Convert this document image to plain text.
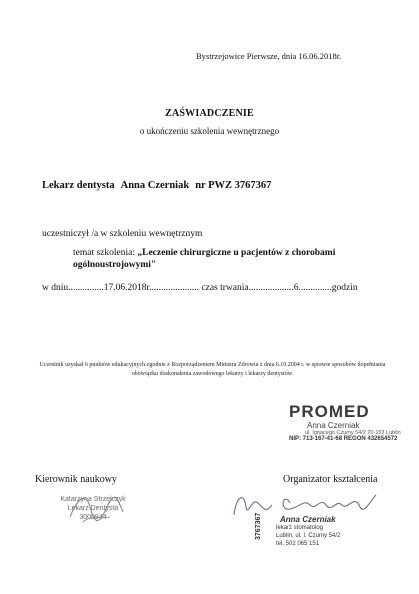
Bystrzejowice Pierwsze, dnia 16.06.2018r.
ZAŚWIADCZENIE
o ukończeniu szkolenia wewnętrznego
Lekarz dentysta Anna Czerniak nr PWZ 3767367
uczestniczył /a w szkoleniu wewnętrznym
temat szkolenia: „Leczenie chirurgiczne u pacjentów z chorobami ogólnoustrojowymi"
w dniu...............17.06.2018r..................... czas trwania...................6..............godzin
Uczestnik uzyskał 6 punktów edukacyjnych zgodnie z Rozporządzeniem Ministra Zdrowia z dnia 6.10.2004 r. w sprawie sposobów dopełniania obowiązku doskonalenia zawodowego lekarzy i lekarzy dentystów.
Kierownik naukowy	Organizator kształcenia
Katarzyna Strzelczyk
Lekarz Dentysta
3000944
PROMED
Anna Czerniak
ul. Ignacego Czumy 54/2 20-153 Lublin
NIP: 713-167-41-68 REGON 432654572
Anna Czerniak
lekarz stomatolog
Lublin, ul. I. Czumy 54/2
tel. 502 065 151
3767367
